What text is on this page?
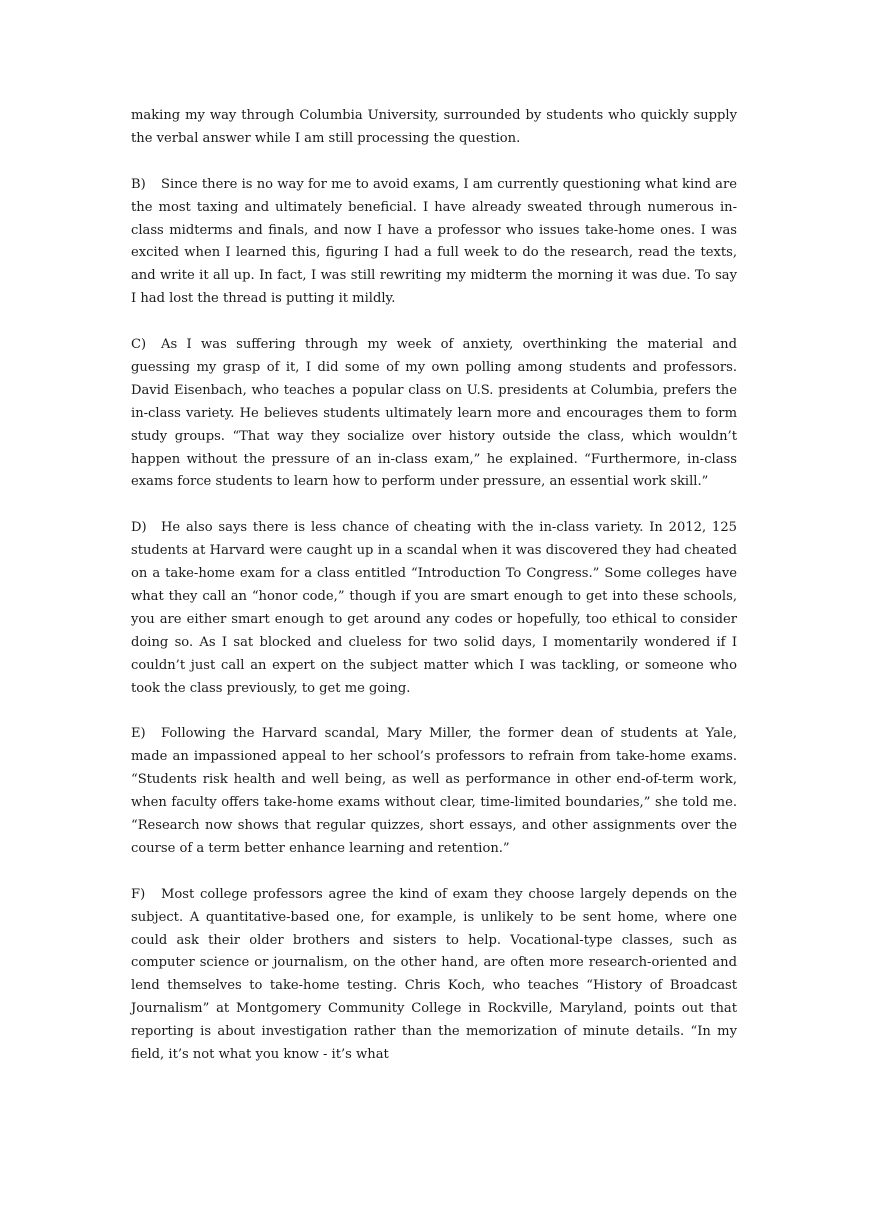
making my way through Columbia University, surrounded by students who quickly supply the verbal answer while I am still processing the question.

B) Since there is no way for me to avoid exams, I am currently questioning what kind are the most taxing and ultimately beneficial. I have already sweated through numerous in-class midterms and finals, and now I have a professor who issues take-home ones. I was excited when I learned this, figuring I had a full week to do the research, read the texts, and write it all up. In fact, I was still rewriting my midterm the morning it was due. To say I had lost the thread is putting it mildly.

C) As I was suffering through my week of anxiety, overthinking the material and guessing my grasp of it, I did some of my own polling among students and professors. David Eisenbach, who teaches a popular class on U.S. presidents at Columbia, prefers the in-class variety. He believes students ultimately learn more and encourages them to form study groups. “That way they socialize over history outside the class, which wouldn’t happen without the pressure of an in-class exam,” he explained. “Furthermore, in-class exams force students to learn how to perform under pressure, an essential work skill.”

D) He also says there is less chance of cheating with the in-class variety. In 2012, 125 students at Harvard were caught up in a scandal when it was discovered they had cheated on a take-home exam for a class entitled “Introduction To Congress.” Some colleges have what they call an “honor code,” though if you are smart enough to get into these schools, you are either smart enough to get around any codes or hopefully, too ethical to consider doing so. As I sat blocked and clueless for two solid days, I momentarily wondered if I couldn’t just call an expert on the subject matter which I was tackling, or someone who took the class previously, to get me going.

E) Following the Harvard scandal, Mary Miller, the former dean of students at Yale, made an impassioned appeal to her school’s professors to refrain from take-home exams. “Students risk health and well being, as well as performance in other end-of-term work, when faculty offers take-home exams without clear, time-limited boundaries,” she told me. “Research now shows that regular quizzes, short essays, and other assignments over the course of a term better enhance learning and retention.”

F) Most college professors agree the kind of exam they choose largely depends on the subject. A quantitative-based one, for example, is unlikely to be sent home, where one could ask their older brothers and sisters to help. Vocational-type classes, such as computer science or journalism, on the other hand, are often more research-oriented and lend themselves to take-home testing. Chris Koch, who teaches “History of Broadcast Journalism” at Montgomery Community College in Rockville, Maryland, points out that reporting is about investigation rather than the memorization of minute details. “In my field, it’s not what you know - it’s what
